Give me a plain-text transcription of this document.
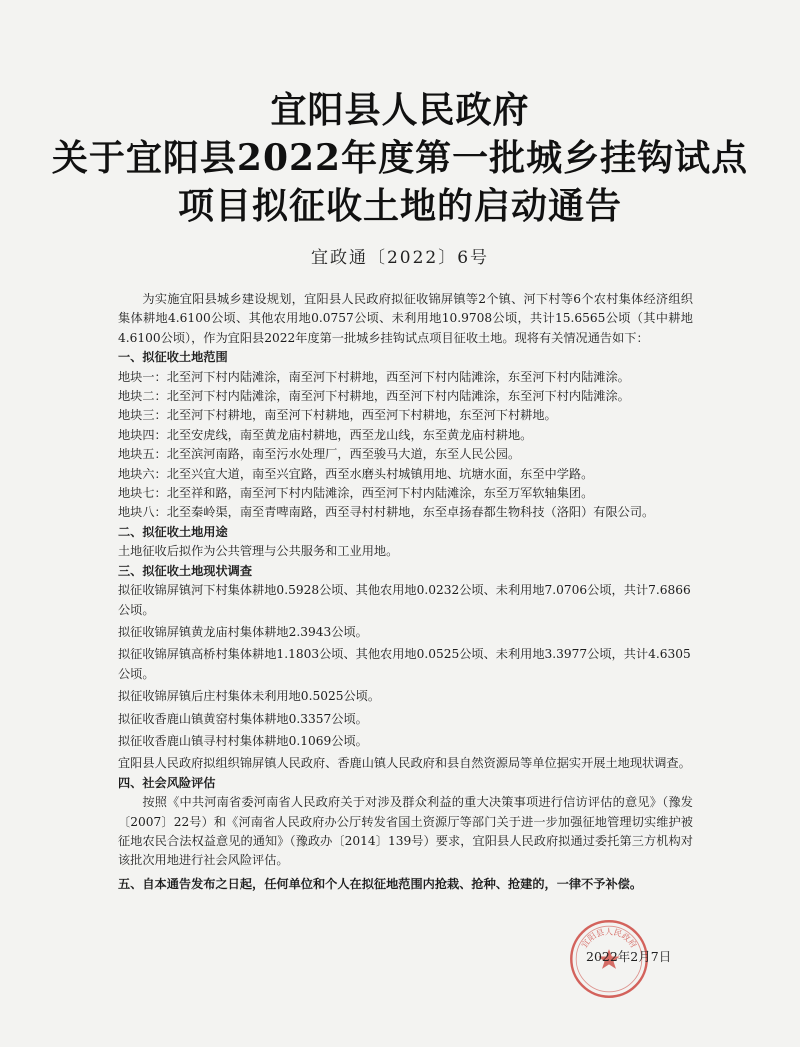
宜阳县人民政府
关于宜阳县2022年度第一批城乡挂钩试点
项目拟征收土地的启动通告
宜政通〔2022〕6号

为实施宜阳县城乡建设规划，宜阳县人民政府拟征收锦屏镇等2个镇、河下村等6个农村集体经济组织集体耕地4.6100公顷、其他农用地0.0757公顷、未利用地10.9708公顷，共计15.6565公顷（其中耕地4.6100公顷），作为宜阳县2022年度第一批城乡挂钩试点项目征收土地。现将有关情况通告如下：

一、拟征收土地范围

地块一：北至河下村内陆滩涂，南至河下村耕地，西至河下村内陆滩涂，东至河下村内陆滩涂。

地块二：北至河下村内陆滩涂，南至河下村耕地，西至河下村内陆滩涂，东至河下村内陆滩涂。

地块三：北至河下村耕地，南至河下村耕地，西至河下村耕地，东至河下村耕地。

地块四：北至安虎线，南至黄龙庙村耕地，西至龙山线，东至黄龙庙村耕地。

地块五：北至滨河南路，南至污水处理厂，西至骏马大道，东至人民公园。

地块六：北至兴宜大道，南至兴宜路，西至水磨头村城镇用地、坑塘水面，东至中学路。

地块七：北至祥和路，南至河下村内陆滩涂，西至河下村内陆滩涂，东至万军软轴集团。

地块八：北至秦岭渠，南至青啤南路，西至寻村村耕地，东至卓扬春都生物科技（洛阳）有限公司。

二、拟征收土地用途

土地征收后拟作为公共管理与公共服务和工业用地。

三、拟征收土地现状调查

拟征收锦屏镇河下村集体耕地0.5928公顷、其他农用地0.0232公顷、未利用地7.0706公顷，共计7.6866公顷。

拟征收锦屏镇黄龙庙村集体耕地2.3943公顷。

拟征收锦屏镇高桥村集体耕地1.1803公顷、其他农用地0.0525公顷、未利用地3.3977公顷，共计4.6305公顷。

拟征收锦屏镇后庄村集体未利用地0.5025公顷。

拟征收香鹿山镇黄窑村集体耕地0.3357公顷。

拟征收香鹿山镇寻村村集体耕地0.1069公顷。

宜阳县人民政府拟组织锦屏镇人民政府、香鹿山镇人民政府和县自然资源局等单位据实开展土地现状调查。

四、社会风险评估

按照《中共河南省委河南省人民政府关于对涉及群众利益的重大决策事项进行信访评估的意见》（豫发〔2007〕22号）和《河南省人民政府办公厅转发省国土资源厅等部门关于进一步加强征地管理切实维护被征地农民合法权益意见的通知》（豫政办〔2014〕139号）要求，宜阳县人民政府拟通过委托第三方机构对该批次用地进行社会风险评估。

五、自本通告发布之日起，任何单位和个人在拟征地范围内抢栽、抢种、抢建的，一律不予补偿。

宜阳县人民政府
2022年2月7日
